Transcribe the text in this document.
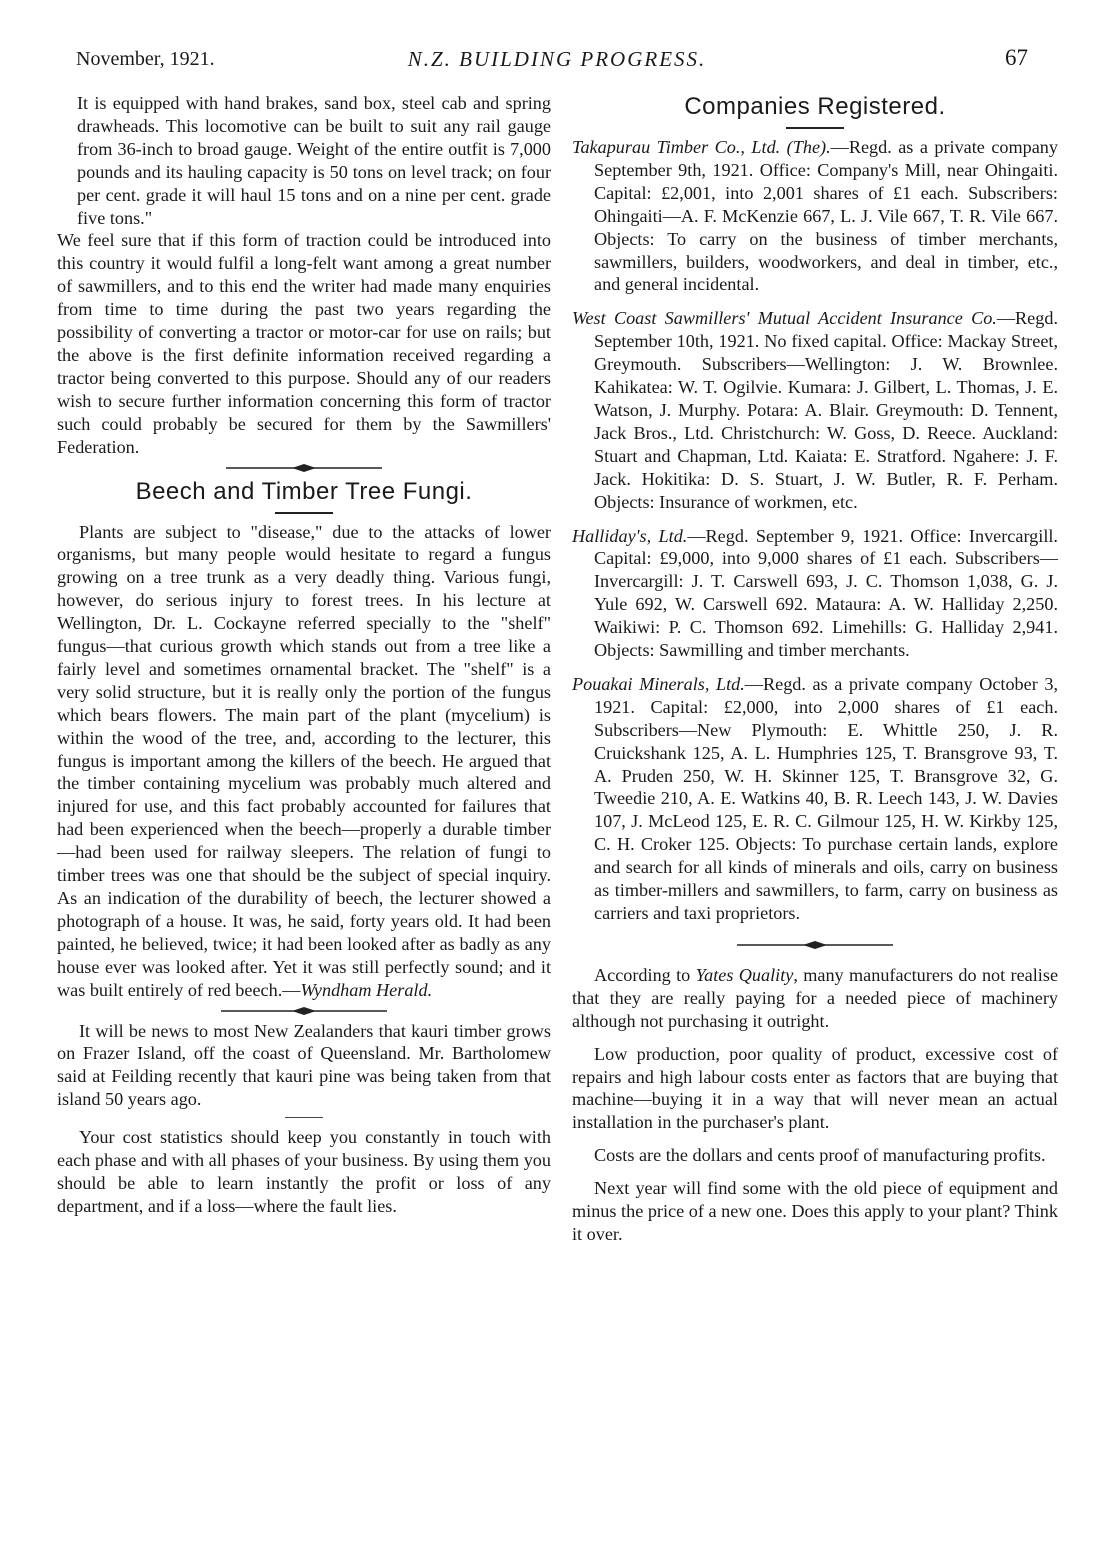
November, 1921.	N.Z. BUILDING PROGRESS.	67

It is equipped with hand brakes, sand box, steel cab and spring drawheads. This locomotive can be built to suit any rail gauge from 36-inch to broad gauge. Weight of the entire outfit is 7,000 pounds and its hauling capacity is 50 tons on level track; on four per cent. grade it will haul 15 tons and on a nine per cent. grade five tons."

We feel sure that if this form of traction could be introduced into this country it would fulfil a long-felt want among a great number of sawmillers, and to this end the writer had made many enquiries from time to time during the past two years regarding the possibility of converting a tractor or motor-car for use on rails; but the above is the first definite information received regarding a tractor being converted to this purpose. Should any of our readers wish to secure further information concerning this form of tractor such could probably be secured for them by the Sawmillers' Federation.

Beech and Timber Tree Fungi.

Plants are subject to "disease," due to the attacks of lower organisms, but many people would hesitate to regard a fungus growing on a tree trunk as a very deadly thing. Various fungi, however, do serious injury to forest trees. In his lecture at Wellington, Dr. L. Cockayne referred specially to the "shelf" fungus—that curious growth which stands out from a tree like a fairly level and sometimes ornamental bracket. The "shelf" is a very solid structure, but it is really only the portion of the fungus which bears flowers. The main part of the plant (mycelium) is within the wood of the tree, and, according to the lecturer, this fungus is important among the killers of the beech. He argued that the timber containing mycelium was probably much altered and injured for use, and this fact probably accounted for failures that had been experienced when the beech—properly a durable timber—had been used for railway sleepers. The relation of fungi to timber trees was one that should be the subject of special inquiry. As an indication of the durability of beech, the lecturer showed a photograph of a house. It was, he said, forty years old. It had been painted, he believed, twice; it had been looked after as badly as any house ever was looked after. Yet it was still perfectly sound; and it was built entirely of red beech.—Wyndham Herald.

It will be news to most New Zealanders that kauri timber grows on Frazer Island, off the coast of Queensland. Mr. Bartholomew said at Feilding recently that kauri pine was being taken from that island 50 years ago.

Your cost statistics should keep you constantly in touch with each phase and with all phases of your business. By using them you should be able to learn instantly the profit or loss of any department, and if a loss—where the fault lies.

Companies Registered.

Takapurau Timber Co., Ltd. (The).—Regd. as a private company September 9th, 1921. Office: Company's Mill, near Ohingaiti. Capital: £2,001, into 2,001 shares of £1 each. Subscribers: Ohingaiti—A. F. McKenzie 667, L. J. Vile 667, T. R. Vile 667. Objects: To carry on the business of timber merchants, sawmillers, builders, woodworkers, and deal in timber, etc., and general incidental.

West Coast Sawmillers' Mutual Accident Insurance Co.—Regd. September 10th, 1921. No fixed capital. Office: Mackay Street, Greymouth. Subscribers—Wellington: J. W. Brownlee. Kahikatea: W. T. Ogilvie. Kumara: J. Gilbert, L. Thomas, J. E. Watson, J. Murphy. Potara: A. Blair. Greymouth: D. Tennent, Jack Bros., Ltd. Christchurch: W. Goss, D. Reece. Auckland: Stuart and Chapman, Ltd. Kaiata: E. Stratford. Ngahere: J. F. Jack. Hokitika: D. S. Stuart, J. W. Butler, R. F. Perham. Objects: Insurance of workmen, etc.

Halliday's, Ltd.—Regd. September 9, 1921. Office: Invercargill. Capital: £9,000, into 9,000 shares of £1 each. Subscribers—Invercargill: J. T. Carswell 693, J. C. Thomson 1,038, G. J. Yule 692, W. Carswell 692. Mataura: A. W. Halliday 2,250. Waikiwi: P. C. Thomson 692. Limehills: G. Halliday 2,941. Objects: Sawmilling and timber merchants.

Pouakai Minerals, Ltd.—Regd. as a private company October 3, 1921. Capital: £2,000, into 2,000 shares of £1 each. Subscribers—New Plymouth: E. Whittle 250, J. R. Cruickshank 125, A. L. Humphries 125, T. Bransgrove 93, T. A. Pruden 250, W. H. Skinner 125, T. Bransgrove 32, G. Tweedie 210, A. E. Watkins 40, B. R. Leech 143, J. W. Davies 107, J. McLeod 125, E. R. C. Gilmour 125, H. W. Kirkby 125, C. H. Croker 125. Objects: To purchase certain lands, explore and search for all kinds of minerals and oils, carry on business as timber-millers and sawmillers, to farm, carry on business as carriers and taxi proprietors.

According to Yates Quality, many manufacturers do not realise that they are really paying for a needed piece of machinery although not purchasing it outright.

Low production, poor quality of product, excessive cost of repairs and high labour costs enter as factors that are buying that machine—buying it in a way that will never mean an actual installation in the purchaser's plant.

Costs are the dollars and cents proof of manufacturing profits.

Next year will find some with the old piece of equipment and minus the price of a new one. Does this apply to your plant? Think it over.
